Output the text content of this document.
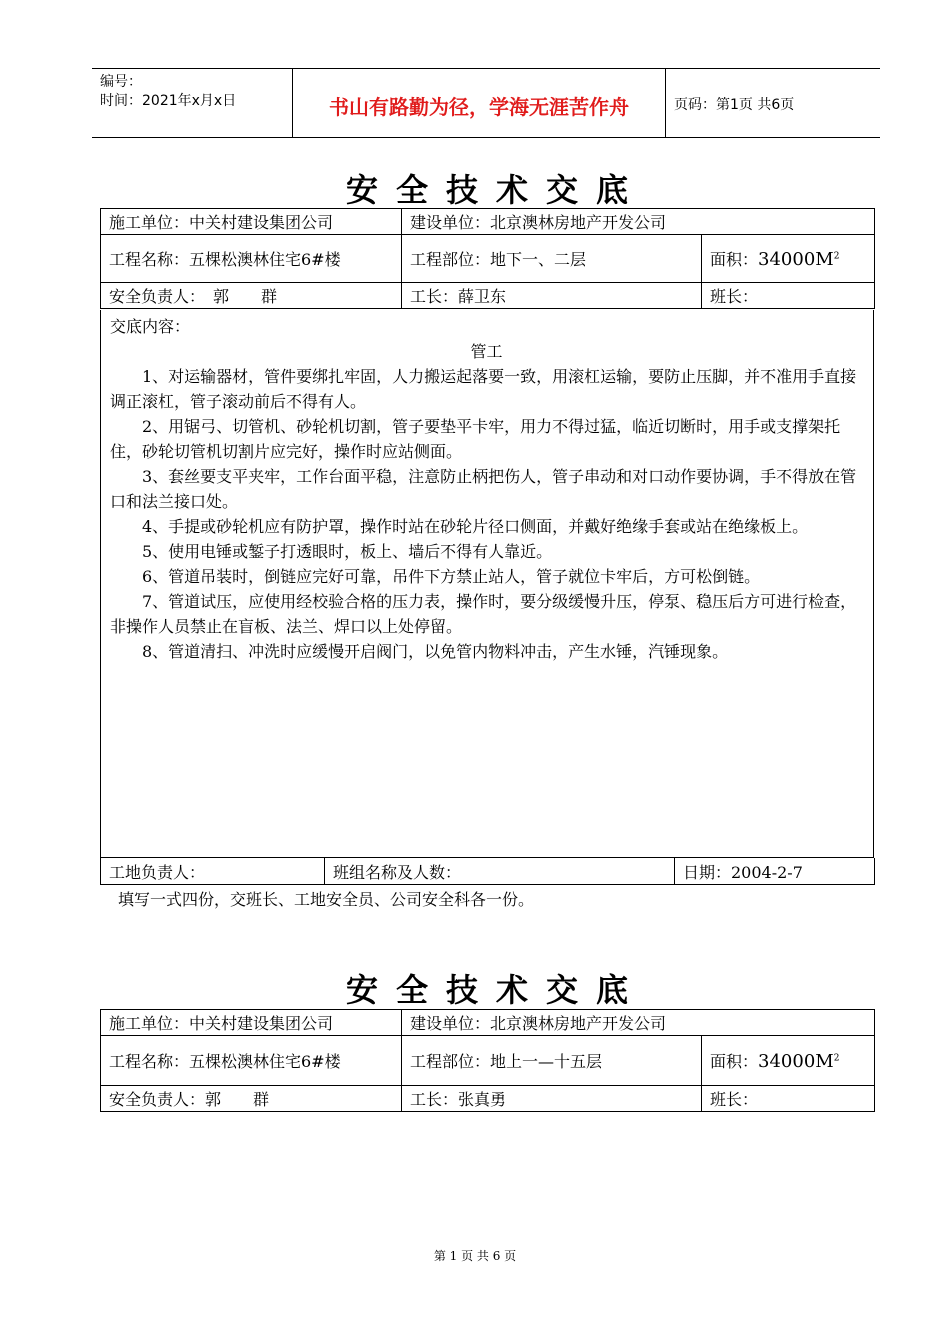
编号：
时间：2021年x月x日	书山有路勤为径，学海无涯苦作舟	页码：第1页 共6页
安全技术交底
施工单位：中关村建设集团公司	建设单位：北京澳林房地产开发公司	
工程名称：五棵松澳林住宅6#楼	工程部位：地下一、二层	面积：$34000M^2$
安全负责人：　郭　　群	工长：薛卫东	班长：
交底内容：
管工

1、对运输器材，管件要绑扎牢固，人力搬运起落要一致，用滚杠运输，要防止压脚，并不准用手直接调正滚杠，管子滚动前后不得有人。

2、用锯弓、切管机、砂轮机切割，管子要垫平卡牢，用力不得过猛，临近切断时，用手或支撑架托住，砂轮切管机切割片应完好，操作时应站侧面。

3、套丝要支平夹牢，工作台面平稳，注意防止柄把伤人，管子串动和对口动作要协调，手不得放在管口和法兰接口处。

4、手提或砂轮机应有防护罩，操作时站在砂轮片径口侧面，并戴好绝缘手套或站在绝缘板上。

5、使用电锤或錾子打透眼时，板上、墙后不得有人靠近。

6、管道吊装时，倒链应完好可靠，吊件下方禁止站人，管子就位卡牢后，方可松倒链。

7、管道试压，应使用经校验合格的压力表，操作时，要分级缓慢升压，停泵、稳压后方可进行检查，非操作人员禁止在盲板、法兰、焊口以上处停留。

8、管道清扫、冲洗时应缓慢开启阀门，以免管内物料冲击，产生水锤，汽锤现象。

工地负责人：	班组名称及人数：	日期：2004-2-7
填写一式四份，交班长、工地安全员、公司安全科各一份。
安全技术交底
施工单位：中关村建设集团公司	建设单位：北京澳林房地产开发公司	
工程名称：五棵松澳林住宅6#楼	工程部位：地上一—十五层	面积：$34000M^2$
安全负责人：郭　　群	工长：张真勇	班长：
第 1 页 共 6 页
